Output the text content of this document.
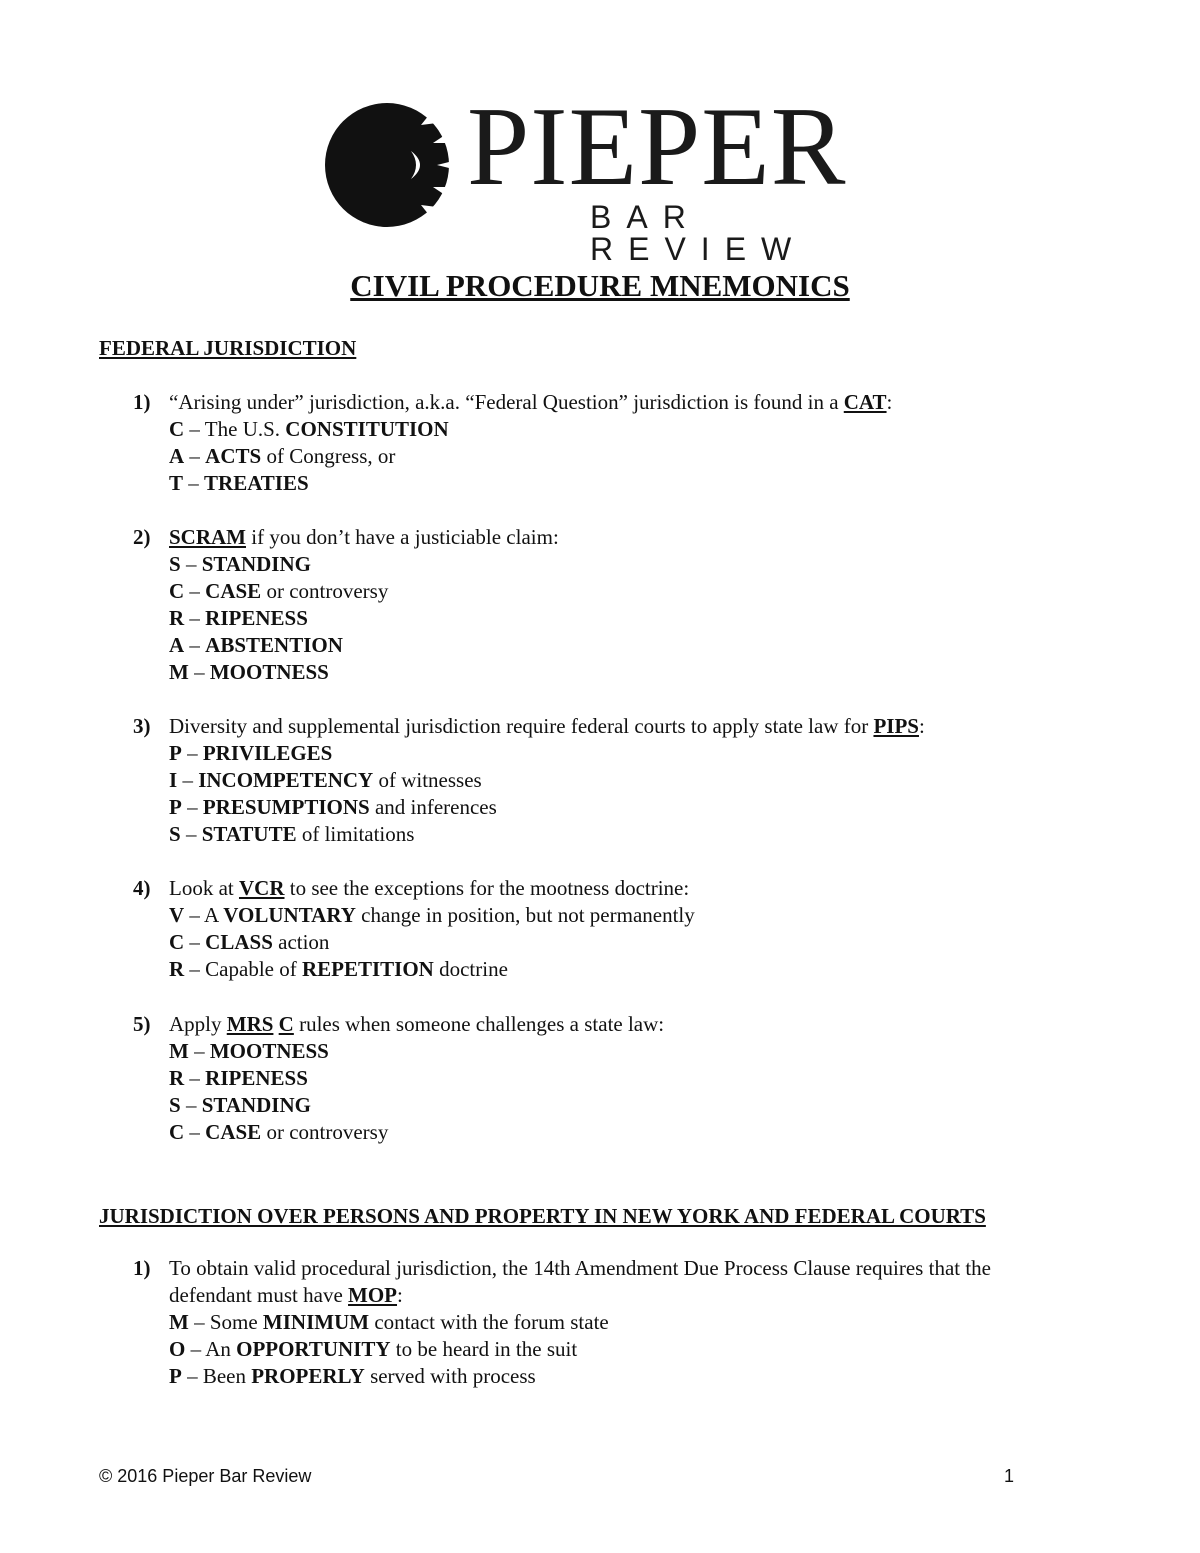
PIEPER
BAR REVIEW
CIVIL PROCEDURE MNEMONICS
FEDERAL JURISDICTION
1) “Arising under” jurisdiction, a.k.a. “Federal Question” jurisdiction is found in a CAT:
C – The U.S. CONSTITUTION
A – ACTS of Congress, or
T – TREATIES
2) SCRAM if you don’t have a justiciable claim:
S – STANDING
C – CASE or controversy
R – RIPENESS
A – ABSTENTION
M – MOOTNESS
3) Diversity and supplemental jurisdiction require federal courts to apply state law for PIPS:
P – PRIVILEGES
I – INCOMPETENCY of witnesses
P – PRESUMPTIONS and inferences
S – STATUTE of limitations
4) Look at VCR to see the exceptions for the mootness doctrine:
V – A VOLUNTARY change in position, but not permanently
C – CLASS action
R – Capable of REPETITION doctrine
5) Apply MRS C rules when someone challenges a state law:
M – MOOTNESS
R – RIPENESS
S – STANDING
C – CASE or controversy
JURISDICTION OVER PERSONS AND PROPERTY IN NEW YORK AND FEDERAL COURTS
1) To obtain valid procedural jurisdiction, the 14th Amendment Due Process Clause requires that the
defendant must have MOP:
M – Some MINIMUM contact with the forum state
O – An OPPORTUNITY to be heard in the suit
P – Been PROPERLY served with process
© 2016 Pieper Bar Review	1
